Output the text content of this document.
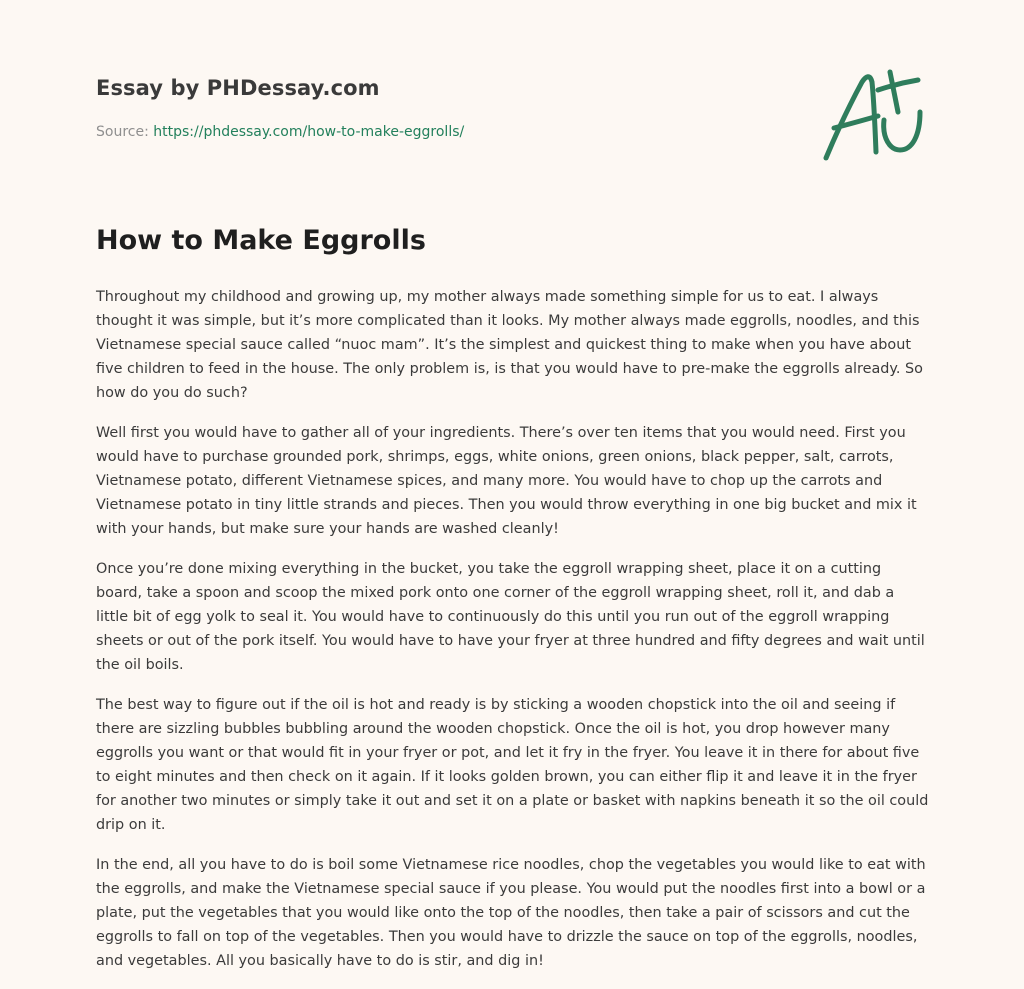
Essay by PHDessay.com
Source: https://phdessay.com/how-to-make-eggrolls/
How to Make Eggrolls

Throughout my childhood and growing up, my mother always made something simple for us to eat. I always thought it was simple, but it’s more complicated than it looks. My mother always made eggrolls, noodles, and this Vietnamese special sauce called “nuoc mam”. It’s the simplest and quickest thing to make when you have about five children to feed in the house. The only problem is, is that you would have to pre-make the eggrolls already. So how do you do such?

Well first you would have to gather all of your ingredients. There’s over ten items that you would need. First you would have to purchase grounded pork, shrimps, eggs, white onions, green onions, black pepper, salt, carrots, Vietnamese potato, different Vietnamese spices, and many more. You would have to chop up the carrots and Vietnamese potato in tiny little strands and pieces. Then you would throw everything in one big bucket and mix it with your hands, but make sure your hands are washed cleanly!

Once you’re done mixing everything in the bucket, you take the eggroll wrapping sheet, place it on a cutting board, take a spoon and scoop the mixed pork onto one corner of the eggroll wrapping sheet, roll it, and dab a little bit of egg yolk to seal it. You would have to continuously do this until you run out of the eggroll wrapping sheets or out of the pork itself. You would have to have your fryer at three hundred and fifty degrees and wait until the oil boils.

The best way to figure out if the oil is hot and ready is by sticking a wooden chopstick into the oil and seeing if there are sizzling bubbles bubbling around the wooden chopstick. Once the oil is hot, you drop however many eggrolls you want or that would fit in your fryer or pot, and let it fry in the fryer. You leave it in there for about five to eight minutes and then check on it again. If it looks golden brown, you can either flip it and leave it in the fryer for another two minutes or simply take it out and set it on a plate or basket with napkins beneath it so the oil could drip on it.

In the end, all you have to do is boil some Vietnamese rice noodles, chop the vegetables you would like to eat with the eggrolls, and make the Vietnamese special sauce if you please. You would put the noodles first into a bowl or a plate, put the vegetables that you would like onto the top of the noodles, then take a pair of scissors and cut the eggrolls to fall on top of the vegetables. Then you would have to drizzle the sauce on top of the eggrolls, noodles, and vegetables. All you basically have to do is stir, and dig in!
